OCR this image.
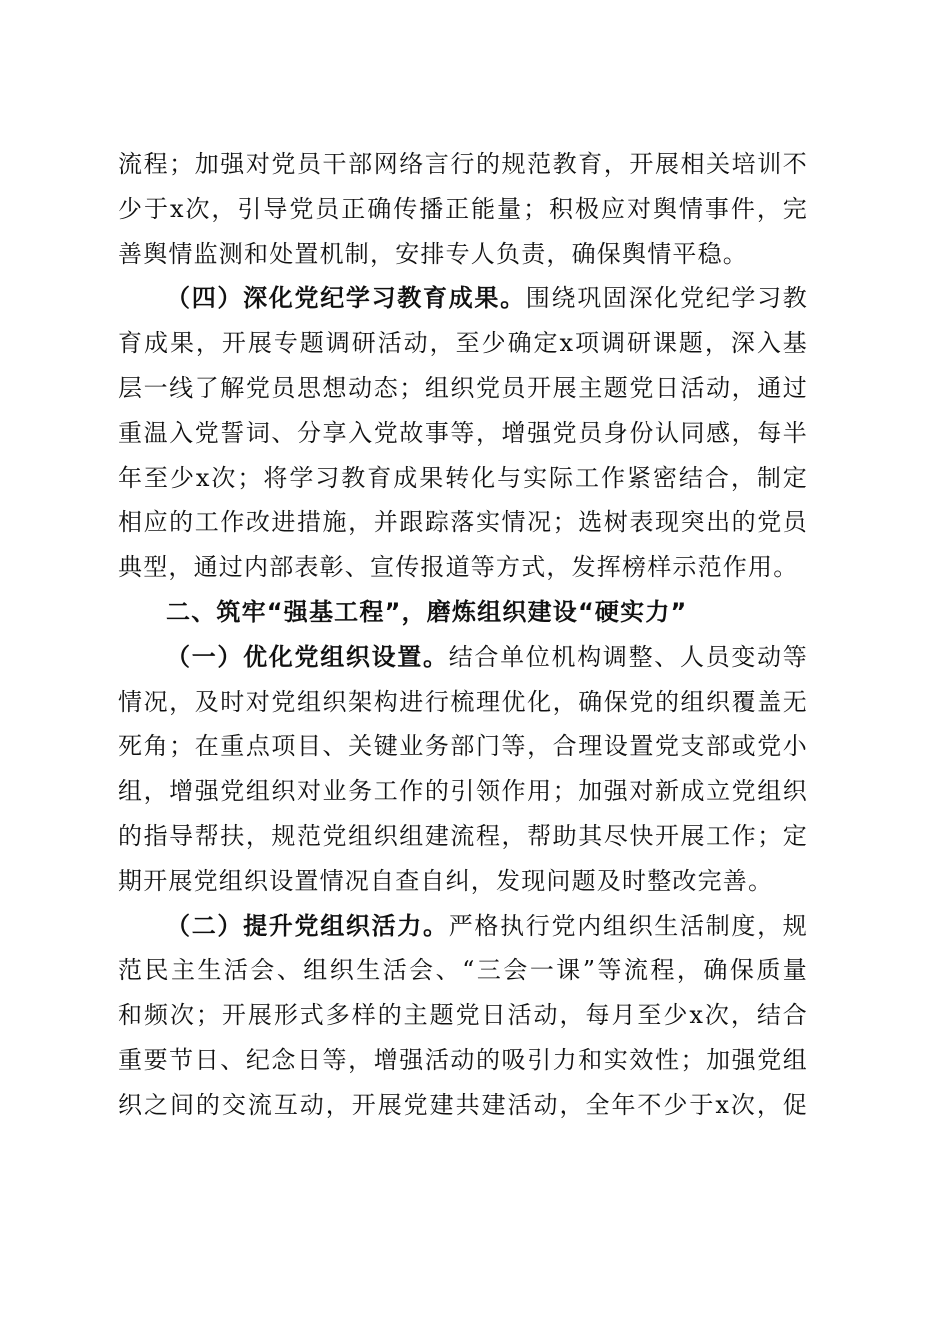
流程；加强对党员干部网络言行的规范教育，开展相关培训不
少于x次，引导党员正确传播正能量；积极应对舆情事件，完
善舆情监测和处置机制，安排专人负责，确保舆情平稳。
（四）深化党纪学习教育成果。围绕巩固深化党纪学习教
育成果，开展专题调研活动，至少确定x项调研课题，深入基
层一线了解党员思想动态；组织党员开展主题党日活动，通过
重温入党誓词、分享入党故事等，增强党员身份认同感，每半
年至少x次；将学习教育成果转化与实际工作紧密结合，制定
相应的工作改进措施，并跟踪落实情况；选树表现突出的党员
典型，通过内部表彰、宣传报道等方式，发挥榜样示范作用。
二、筑牢“强基工程”，磨炼组织建设“硬实力”
（一）优化党组织设置。结合单位机构调整、人员变动等
情况，及时对党组织架构进行梳理优化，确保党的组织覆盖无
死角；在重点项目、关键业务部门等，合理设置党支部或党小
组，增强党组织对业务工作的引领作用；加强对新成立党组织
的指导帮扶，规范党组织组建流程，帮助其尽快开展工作；定
期开展党组织设置情况自查自纠，发现问题及时整改完善。
（二）提升党组织活力。严格执行党内组织生活制度，规
范民主生活会、组织生活会、“三会一课”等流程，确保质量
和频次；开展形式多样的主题党日活动，每月至少x次，结合
重要节日、纪念日等，增强活动的吸引力和实效性；加强党组
织之间的交流互动，开展党建共建活动，全年不少于x次，促
